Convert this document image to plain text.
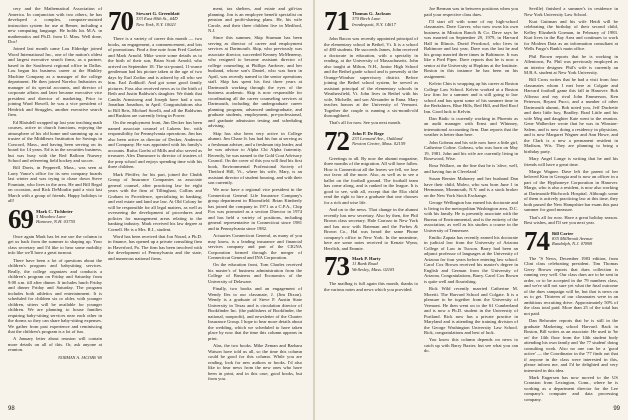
cery and the Mathematical Association of America. In conjunction with two others, he has developed a complex, computer-assisted instruction system for use at Bemer, including a new computing language. He holds his M.A. in mathematics and Ph.D. from U. Mass. Well done, Doc!

Joined last month came Lou Eldredge joined Wood International Inc., one of the nation's oldest and largest executive search firms, as a partner, based in the Southwest regional office in Dallas. Lou began his business career at the Hinkley Machine Company as a manager of the college department. He then joined Norelco Industries as manager of its special accounts, and director of corporate affairs and later became executive vice president and director of marketing. Prior to joining Ward Howell, he was a vice president of Heidrick and Struggles, another executive search firm.

Ed Blaisdell wrapped up last year teaching math courses, active in church functions, enjoying the atmosphere of his old home and summing up as a trustee of the Middlesex Institution for Savings in Concord, Mass., and having been serving on its board for 14 years. Ed is in the securities business, but was busy with the Red Balloon Nursery School and refereeing field hockey and soccer.

Bill Davis, in Pepperell, Mass., was seen at Larry Vance's office for its new company boards last winter and was trying to chase down Steve Fountain, who lives in the area. He and Bill Regal on occasion, and Rick DeMoulin paid a visit last March with a group of friends. Happy holidays to all!

69 Mark C. Tichbrier
5 Meadow Lane
Hanover, N.H. 03755

Once again Mark has let me use the column to get us back from the summer to shaping up. Your class secretary and I'd like to hear some mobility info like we'll have a great turnout.

There have been a lot of questions about the children's program and babysitting services. Really, the college organizes and conducts a children's program on Friday and Saturday from 9:00 a.m. till after dinner. It includes lunch Friday and dinner Friday and Saturday. The program includes both athletics and entertainment. It is scheduled for children six or older, with younger children, sitters will be available for younger children. We are planning to house families requiring baby-sitting services near each other in the dorms so they can share baby-sitting expenses. We gather from past experience and reminiscing that the children's program is a lot of fun.

A January letter about reunion will contain more details on all of this. Or, ask anyone at reunion.

NORMAN A. JACOBS '69
70 Stewart G. Greenblatt
333 East 80th St., #4D
New York, N.Y. 10021

There is a variety of career this month — two books, an engagement, a commencement, and lots of promotions. Find a fine note from Fred Goelzer and Mark Arnold. Mike wrote some details as to the birth of their son, Brian Scott Arnold, who arrived on September 18. The six-pound, 11-ounce gentleman had his picture taken at the age of two days by Earl Zodiac and is adored by all who see him. Earl Zodikoff. And got some good family pictures. Foss also received news as to the birth of Beth and Justin Baldwin's daughter. We think that Candis Armstrong and Joseph have had a son, Jonathan Jonathon, in April. Congratulations also to Bill Reis, Michael Sorelli, and all the Baldwins and Ruskins are currently living in Power.

On the employment front, Jim Decker has been named associate counsel of Lukens Inc. with responsibility for Pennsylvania operations. Jim has also been active as director of Decker, Anderson and Company. He was appointed with his family's accounts. Rufus Goelst of Mills and also served as treasurer. Alex Dunsmore is director of trustees of the prep school and enjoys spending time with his three children.

Mark Pfeiffer, for his part, joined the Chubb Group of Insurance Companies as associate general counsel, after practicing law for eight years with the firm of Tillinghast, Collins and Graham in Providence, specializing in banking, and real estate and land use law. At Old Colony he will be responsible for all legal matters, as well as overseeing the development of procedures and policies for management areas relating to the banking industry. Mark received his law degree at Cornell. He is a Mrs. R.I., student.

Word has been received that Jon Norad, a Ph.D. in finance, has opened up a private consulting firm in Haverford, Pa. The firm has been involved with the development of Pennsylvania and the state, and numerous national firms.

ment, tax shelters, and estate and gift-tax planning. Jon is an employee benefit specialist on pension and profit-sharing plans. He, his wife Carole, and their three children live in Medford, N.J.

Since this summer, Skip Sturman has been serving as director of career and employment services at Dartmouth. Skip, who previously was associate director, succeeded Kenney McMenemy, who resigned to become assistant director of college counseling at Phillips Andover, and her husband, whose son's Daniel, who was born in April, was recently named to the senior operations staff. Skip has spent his first three years at Dartmouth working through the eyes of the business academic. Skip is now responsible for coordinating all the career counseling services at Dartmouth, including the undergraduate career planning program, advanced undergraduate, and graduate students, employment, pre-professional, and graduate admission testing and scheduling advising.

Skip has also been very active in College alumni. Jim Chase Jr. has had his fun at serving as a freshman adviser, and a freshman trip leader, and he was advisor to Alpha Chi Alpha fraternity. Recently, he was named to the Gold Coat Advisory Council. On the cover of this you will find his first book, Environmental Professional Society of Thetford Hill, Vt., where his wife, Mary, is an assistant director of student housing, and with their son currently.

We now have a regional vice president in the Connecticut General Life Insurance Company's group department in Bloomfield. Brian Kimberly has joined the company in 1971 as a C.P.A., Chip Fox was promoted as a section Director in 1974 and has held a variety of positions, including general representative in Connecticut since 1981 and in Pennsylvania since 1982.

Actuaries Connecticut General, as many of you may know, is a leading insurance and financial services company and part of the CIGNA Corporation formed through the merger of Connecticut General and INA Corporation.

On the education front, Tom Charles received his master's of business administration from the College of Business and Economics of the University of Delaware.

Finally, two books and an engagement of Wendy Iles to our classmate, J. (Jim Dixon). Wendy is a graduate of Steve F. Austin State University in Texas and is circulation director of Bookfinder Inc. (the publishers of Bookfinder, the national, nonprofit), and newsletter of the Charter Insurance Group. I hope to hear more details about the wedding, which we scheduled to have taken place by now that the time this column appears in print.

Alas, the two books. Mike Zeman and Barbara Watson have told us all, so the time this column could be good for this column. While you are reading, look for new authors or books. I'd also like to hear news from the new ones who have been in print, and in this case, good books, but from you.

98
71 Thomas G. Jackson
370 Birch Lane
Irondequoit, N.Y. 14617

John Bacon was recently appointed principal of the elementary school in Bethel, Vt. It is a school of 480 students. He succeeds James, John received a doctorate in education, with a specialty in reading, at the University of Massachusetts. John also taught at Milton, N.H., Junior High School and the Bethel grade school and is presently at the Orange-Windsor supervisory district. Before joining the Bethel school system, he served as assistant principal of the elementary schools in Weathersfield, Vt. John lives in Bethel with his wife, Michelle, and son Alexander in Enna. Mary teaches honors at the University of Vermont. Together the couple is running a six-month-old thoroughbred.

That's all for now. See you next month.

72 John P. De Rege
233 Leonard Ave., Oakland
Newton Centre, Mass. 02159

Greetings to all. By now the alumni magazine, three months of the migration. All will have fallen. How is Connecticut all the leaves we fell, we lose our favor all the more. Also, as well as to see a ballot on the football ground. The football team has come along, and is ranked in the league. It is good to see, with all, except that the Elia child read the right to hire a graduate that one chooses for a rich and wise life.

And on to the news. That change in the alumni recently has new secretary. Also by then, fire Phil Brown class secretary. Hale Carrozo in New York and has now with Bateman and the Forbes & Brown Co., Hal was heard the same Phone company's office in New York. In the meantime, here are some notes received to Kenzie Wynn, Herrlich, and Emmie.

73 Mark P. Harty
11 Bank Road
Wellesley, Mass. 02181

The mailbag is full again this month, thanks to the various notes and news which you provided.

Joe Berman was in between positions when you paid your respective class dues.

I'll start off with some of my high-school classmates. Dave Garver, who now owns his own business in Mission Ranch & Co. Dave says he was married on September 29, 1979, in Harvard Hall in Illinois. David Pewdosol, who lives in Baltimore and last year, Dave was the last he and his group married three times in Baltimore. It was like a Pied Piper. Dave reports that he is now a senior at the University at Hopkins at the Institute. Boston in this instance he has been on his assignment.

Kelvin Chin is wrapping up his career at Boston College Law School. Kelvin worked at a Boston law firm for a summer and is still going to law school and has spent some of his summer time in the Berkshires, Blue Hills, Red Hill, and Red Roof Inn. Good luck to Kelvin.

Dan Bialic is currently working in Phoenix as an audit manager with Ernst and Whinney, international accounting firm. Dan reports that the weather is better than here.

John Gobeau and his wife now have a little girl, Catherine Coline. Gobeau, who was born on May 19, 1981. John and his wife are currently living in Rosewood, Wise.

Rosa Wallace, on the line that he is 'alive, well, and having fun in Cleveland.'

Susan Bernier Mahoney and her husband Dan have their child, Moleo, who was born June 1 in Hermanon, Monmouth, N.Y. and is a stock broker on the New York Stock Exchange.

George Wellington has earned his doctorate and is living in the metropolitan Washington area, D.C. with his family. He is presently associate with the Bureau of Environmental, and is the entirety of the association, as well as his studies a course in the University of Tennessee.

Emilio Zapata has recently earned his doctorate in judicial law from the University of Arizona College of Law in Tucson. Barry had been an adjunct professor of languages at the University of Arizona for four years before entering law school. Carol Cox Brown received his master's degree in English and German from the University of Arizona. Congratulations, Barry. Carol Cox Brown is quite well and flourishing.

Rick Wild recently married Catherine M. Moretti. The Harvard School and Colgate. It is a pleasure to be together from the University of Vermont. He then went on to the 61 Cumberland and is now a Ph.D. student in the University of Portland. Rick now has a private practice in Maryland and is attending the training division of the George Washington University Law School. Rick, congratulations and best of luck.

You know this column depends on news to catch up with Barry Baxter, but see what you can do.

Seville) finished a summer's in residence in New York University Law School.

Kurt Guttman and his wife Heidi will be celebrating the birthday of their second child, Kelley Elizabeth Gorman, in February of 1983. Kurt lives in the Bay Area and continues to work for Modern Data as an information consultant at Wells Fargo's Bank's main office.

Phil Brown reports that he is working in Allentown, Pa. Phil was previously employed as an interior designer. Phil's wife is currently an M.B.A. student at New York University.

Bill Cross writes that he had a visit from four classmates whom I met here at Colgate and Harvard football game this fall in Hanover: Bob Alfonso and my rival John Emmerson, Ken Peterson, Bryant Pucci, and a number of other Dartmouth alumni, Bob noted you, Jeff Duchette and their little boy, Bradley. Brad Little and his wife Meg and daughter Kate went to the reunion. Gene Walbecker wrote that he was in Winston-Salem, and is now doing a residency in physician, and is now Margaret Wagner and Ann Howe, and the Clark is a new a permanent resident in Madison, Wis. They are planning to bring a birthday party.

Mary Angel Lange is writing that he and his friends will have a great time.

Margo Wagner. Dave left the parent of her beloved Kim in Georgia and is now an officer in a part of the Hyphoneye Corporation in Hanover. Margo, who is also a resident, is now also working at Dartmouth-Hitchcock Hospital. Although some of them is actively practicing law at this time, they both passed the New Hampshire bar exam this past summer for good measure.

That's all for now. Have a great holiday season. Best wishes, and I'll see you next year.

74 Bill Carter
835 Millbrook Avenue
Randolph, N.J. 07869

The "S News, December 1983 edition, from Clint class celebrating president. Tim Thomas Gerry Brown reports that dues collection is running very well. Our class dues are to be sent in order, or to be accepted in the 79 numbers class, and we're still not sure yet what the final outcome of the dues campaign will be, but that is news on us to get. Thirteen of our classmates were in an ambitious recruiting drive. Approximately 50% of the class total paid. More than 25 of the total has not paid.

Dan Rehwater reports that he is still in the graduate Marketing school Harvard. Back in Boston, Bill writes as an associate. He used to 'be on' the 14th floor from the 14th student body attending his own family and 'the 77 student' doing consulting work. Also no one can be a 'good active' — the Coordinator in the '77 finds out that if anyone in the class were interested in this, please inform me, and I'd be delighted and very interested in this idea.

Mark Engersen has now moved to the US Cranston from Lexington, Conn., where he is working as a department director for the Lee company's computer and data processing company.

99
